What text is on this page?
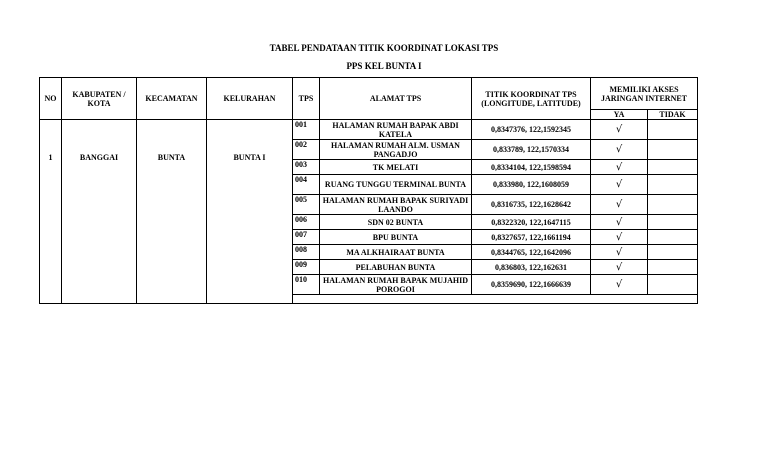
TABEL PENDATAAN TITIK KOORDINAT LOKASI TPS
PPS KEL BUNTA I
NO	KABUPATEN / KOTA	KECAMATAN	KELURAHAN	TPS	ALAMAT TPS	TITIK KOORDINAT TPS (LONGITUDE, LATITUDE)	MEMILIKI AKSES JARINGAN INTERNET	
							YA	TIDAK
1	BANGGAI	BUNTA	BUNTA I	001	HALAMAN RUMAH BAPAK ABDI KATELA	0,8347376, 122,1592345	√	
				002	HALAMAN RUMAH ALM. USMAN PANGADJO	0,833789, 122,1570334	√	
				003	TK MELATI	0,8334104, 122,1598594	√	
				004	RUANG TUNGGU TERMINAL BUNTA	0,833980, 122,1608059	√	
				005	HALAMAN RUMAH BAPAK SURIYADI LAANDO	0,8316735, 122,1628642	√	
				006	SDN 02 BUNTA	0,8322320, 122,1647115	√	
				007	BPU BUNTA	0,8327657, 122,1661194	√	
				008	MA ALKHAIRAAT BUNTA	0,8344765, 122,1642096	√	
				009	PELABUHAN BUNTA	0,836803, 122,162631	√	
				010	HALAMAN RUMAH BAPAK MUJAHID POROGOI	0,8359690, 122,1666639	√	
